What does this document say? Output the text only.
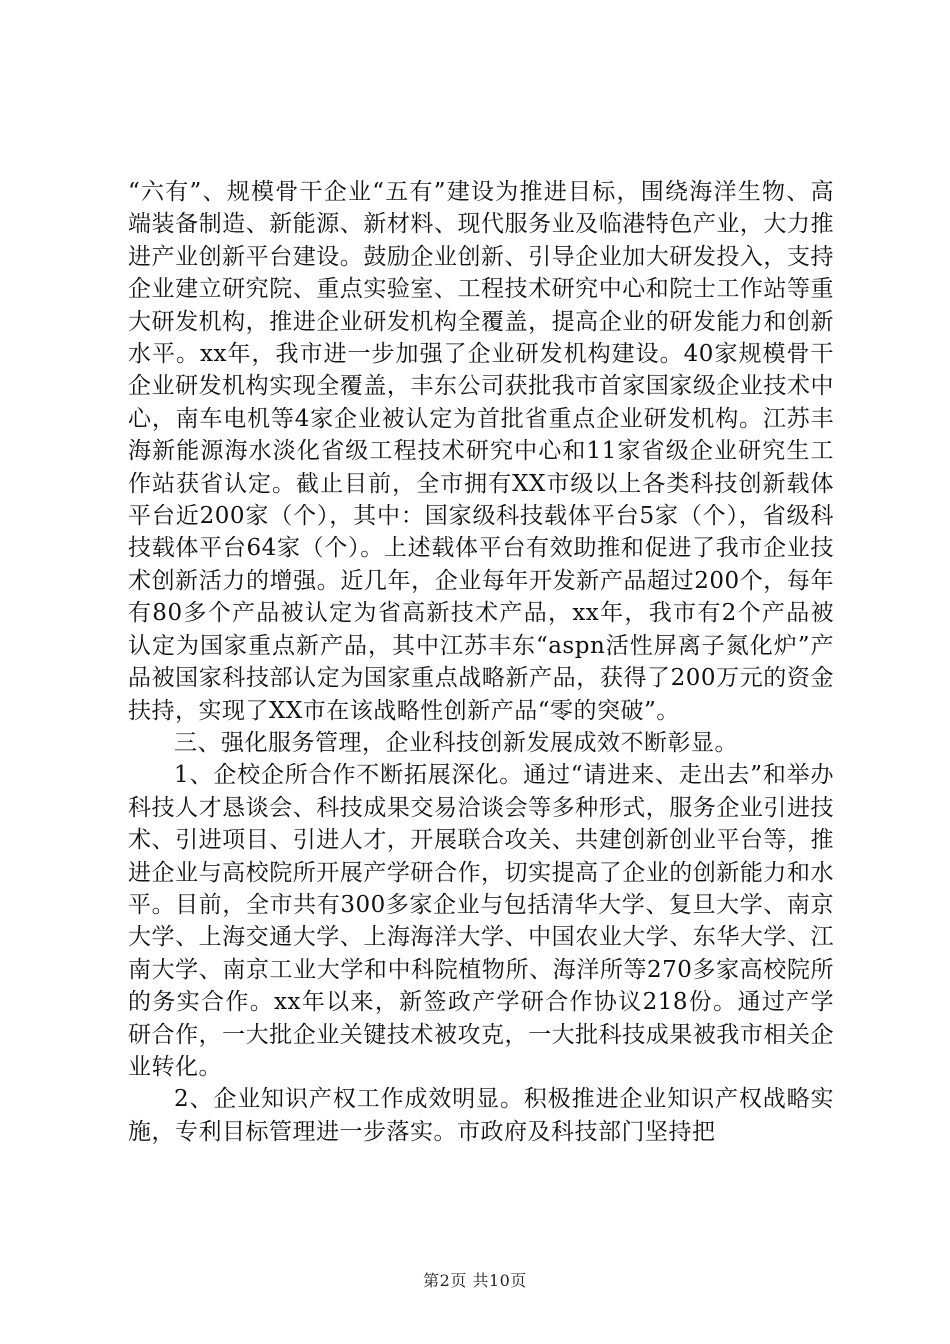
“六有”、规模骨干企业“五有”建设为推进目标，围绕海洋生物、高端装备制造、新能源、新材料、现代服务业及临港特色产业，大力推进产业创新平台建设。鼓励企业创新、引导企业加大研发投入，支持企业建立研究院、重点实验室、工程技术研究中心和院士工作站等重大研发机构，推进企业研发机构全覆盖，提高企业的研发能力和创新水平。xx年，我市进一步加强了企业研发机构建设。40家规模骨干企业研发机构实现全覆盖，丰东公司获批我市首家国家级企业技术中心，南车电机等4家企业被认定为首批省重点企业研发机构。江苏丰海新能源海水淡化省级工程技术研究中心和11家省级企业研究生工作站获省认定。截止目前，全市拥有XX市级以上各类科技创新载体平台近200家（个），其中：国家级科技载体平台5家（个），省级科技载体平台64家（个）。上述载体平台有效助推和促进了我市企业技术创新活力的增强。近几年，企业每年开发新产品超过200个，每年有80多个产品被认定为省高新技术产品，xx年，我市有2个产品被认定为国家重点新产品，其中江苏丰东“aspn活性屏离子氮化炉”产品被国家科技部认定为国家重点战略新产品，获得了200万元的资金扶持，实现了XX市在该战略性创新产品“零的突破”。

三、强化服务管理，企业科技创新发展成效不断彰显。

1、企校企所合作不断拓展深化。通过“请进来、走出去”和举办科技人才恳谈会、科技成果交易洽谈会等多种形式，服务企业引进技术、引进项目、引进人才，开展联合攻关、共建创新创业平台等，推进企业与高校院所开展产学研合作，切实提高了企业的创新能力和水平。目前，全市共有300多家企业与包括清华大学、复旦大学、南京大学、上海交通大学、上海海洋大学、中国农业大学、东华大学、江南大学、南京工业大学和中科院植物所、海洋所等270多家高校院所的务实合作。xx年以来，新签政产学研合作协议218份。通过产学研合作，一大批企业关键技术被攻克，一大批科技成果被我市相关企业转化。

2、企业知识产权工作成效明显。积极推进企业知识产权战略实施，专利目标管理进一步落实。市政府及科技部门坚持把

第2页 共10页
